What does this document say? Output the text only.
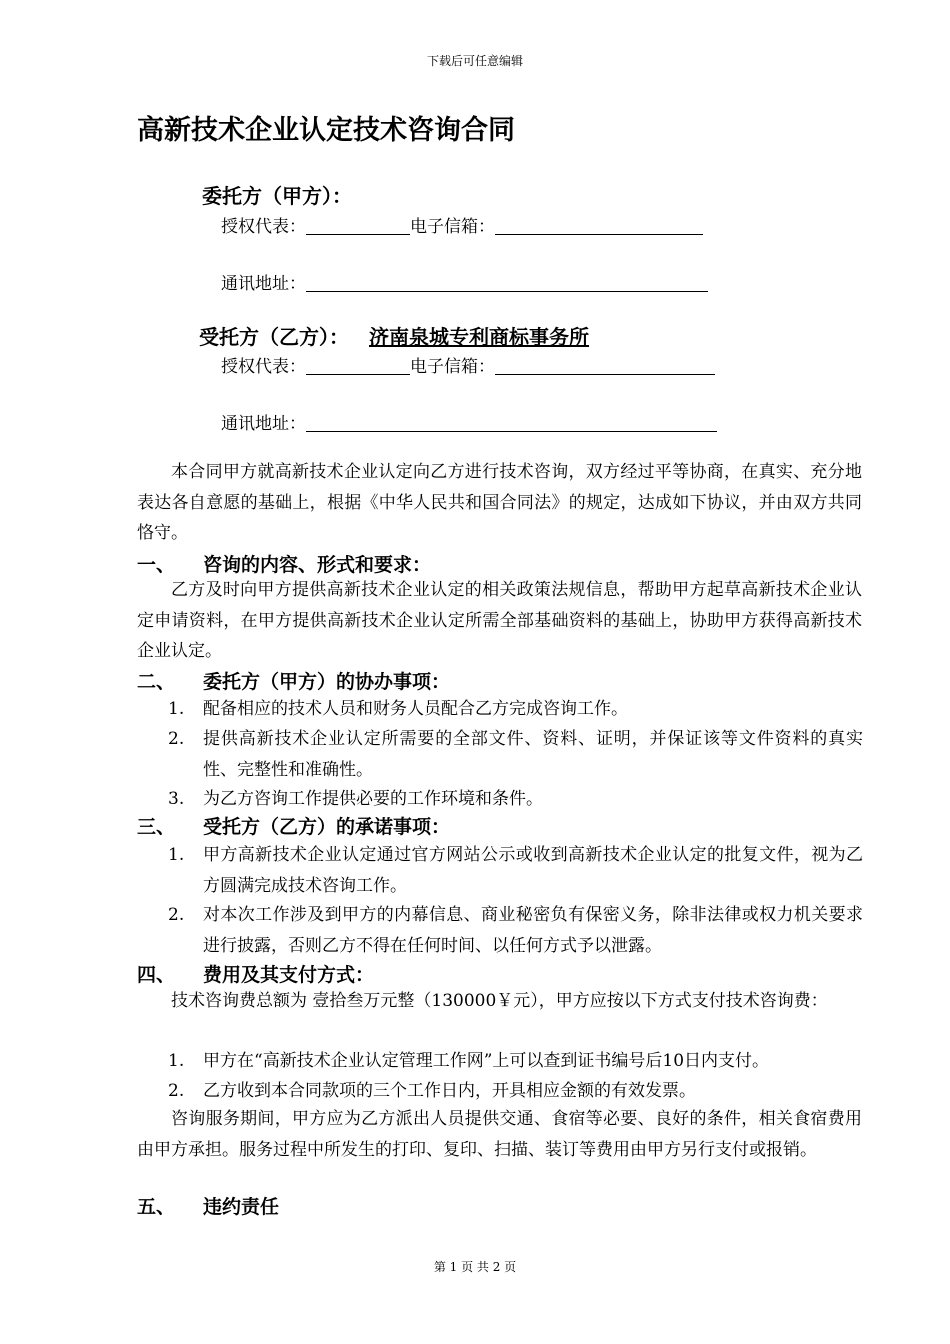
下载后可任意编辑
高新技术企业认定技术咨询合同
委托方（甲方）：
授权代表：	电子信箱：
通讯地址：
受托方（乙方）： 济南泉城专利商标事务所
授权代表：	电子信箱：
通讯地址：
本合同甲方就高新技术企业认定向乙方进行技术咨询，双方经过平等协商，在真实、充分地表达各自意愿的基础上，根据《中华人民共和国合同法》的规定，达成如下协议，并由双方共同恪守。
一、 咨询的内容、形式和要求：
乙方及时向甲方提供高新技术企业认定的相关政策法规信息，帮助甲方起草高新技术企业认定申请资料，在甲方提供高新技术企业认定所需全部基础资料的基础上，协助甲方获得高新技术企业认定。
二、 委托方（甲方）的协办事项：
1. 配备相应的技术人员和财务人员配合乙方完成咨询工作。
2. 提供高新技术企业认定所需要的全部文件、资料、证明，并保证该等文件资料的真实性、完整性和准确性。
3. 为乙方咨询工作提供必要的工作环境和条件。
三、 受托方（乙方）的承诺事项：
1. 甲方高新技术企业认定通过官方网站公示或收到高新技术企业认定的批复文件，视为乙方圆满完成技术咨询工作。
2. 对本次工作涉及到甲方的内幕信息、商业秘密负有保密义务，除非法律或权力机关要求进行披露，否则乙方不得在任何时间、以任何方式予以泄露。
四、 费用及其支付方式：
技术咨询费总额为 壹拾叁万元整（130000￥元），甲方应按以下方式支付技术咨询费：
1. 甲方在“高新技术企业认定管理工作网”上可以查到证书编号后10日内支付。
2. 乙方收到本合同款项的三个工作日内，开具相应金额的有效发票。
咨询服务期间，甲方应为乙方派出人员提供交通、食宿等必要、良好的条件，相关食宿费用由甲方承担。服务过程中所发生的打印、复印、扫描、装订等费用由甲方另行支付或报销。
五、 违约责任
第 1 页 共 2 页
